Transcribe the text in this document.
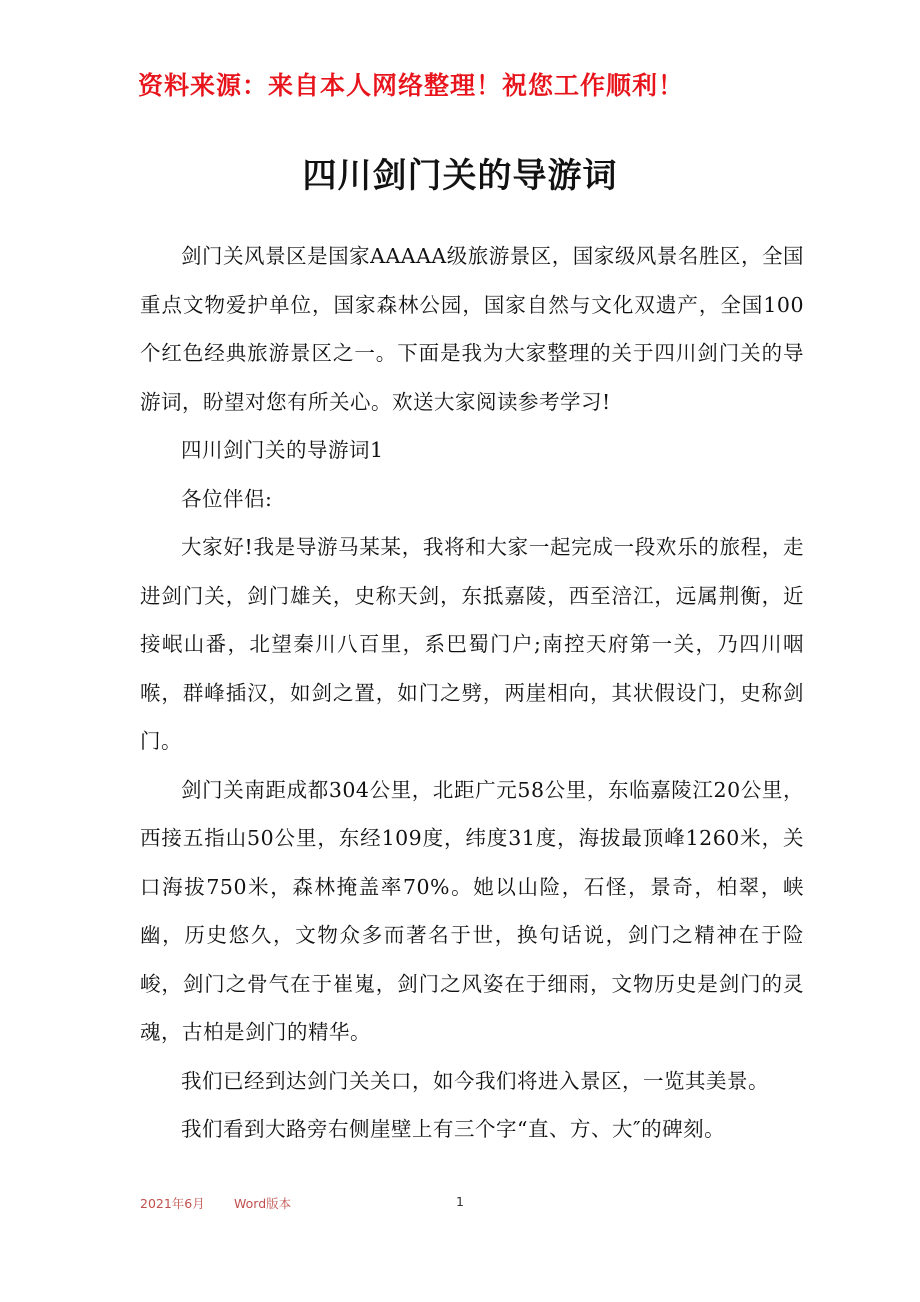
资料来源：来自本人网络整理！祝您工作顺利！
四川剑门关的导游词

剑门关风景区是国家AAAAA级旅游景区，国家级风景名胜区，全国重点文物爱护单位，国家森林公园，国家自然与文化双遗产，全国100个红色经典旅游景区之一。下面是我为大家整理的关于四川剑门关的导游词，盼望对您有所关心。欢送大家阅读参考学习!

四川剑门关的导游词1

各位伴侣:

大家好!我是导游马某某，我将和大家一起完成一段欢乐的旅程，走进剑门关，剑门雄关，史称天剑，东抵嘉陵，西至涪江，远属荆衡，近接岷山番，北望秦川八百里，系巴蜀门户;南控天府第一关，乃四川咽喉，群峰插汉，如剑之置，如门之劈，两崖相向，其状假设门，史称剑门。

剑门关南距成都304公里，北距广元58公里，东临嘉陵江20公里，西接五指山50公里，东经109度，纬度31度，海拔最顶峰1260米，关口海拔750米，森林掩盖率70%。她以山险，石怪，景奇，柏翠，峡幽，历史悠久，文物众多而著名于世，换句话说，剑门之精神在于险峻，剑门之骨气在于崔嵬，剑门之风姿在于细雨，文物历史是剑门的灵魂，古柏是剑门的精华。

我们已经到达剑门关关口，如今我们将进入景区，一览其美景。

我们看到大路旁右侧崖壁上有三个字“直、方、大″的碑刻。

2021年6月 Word版本	1
